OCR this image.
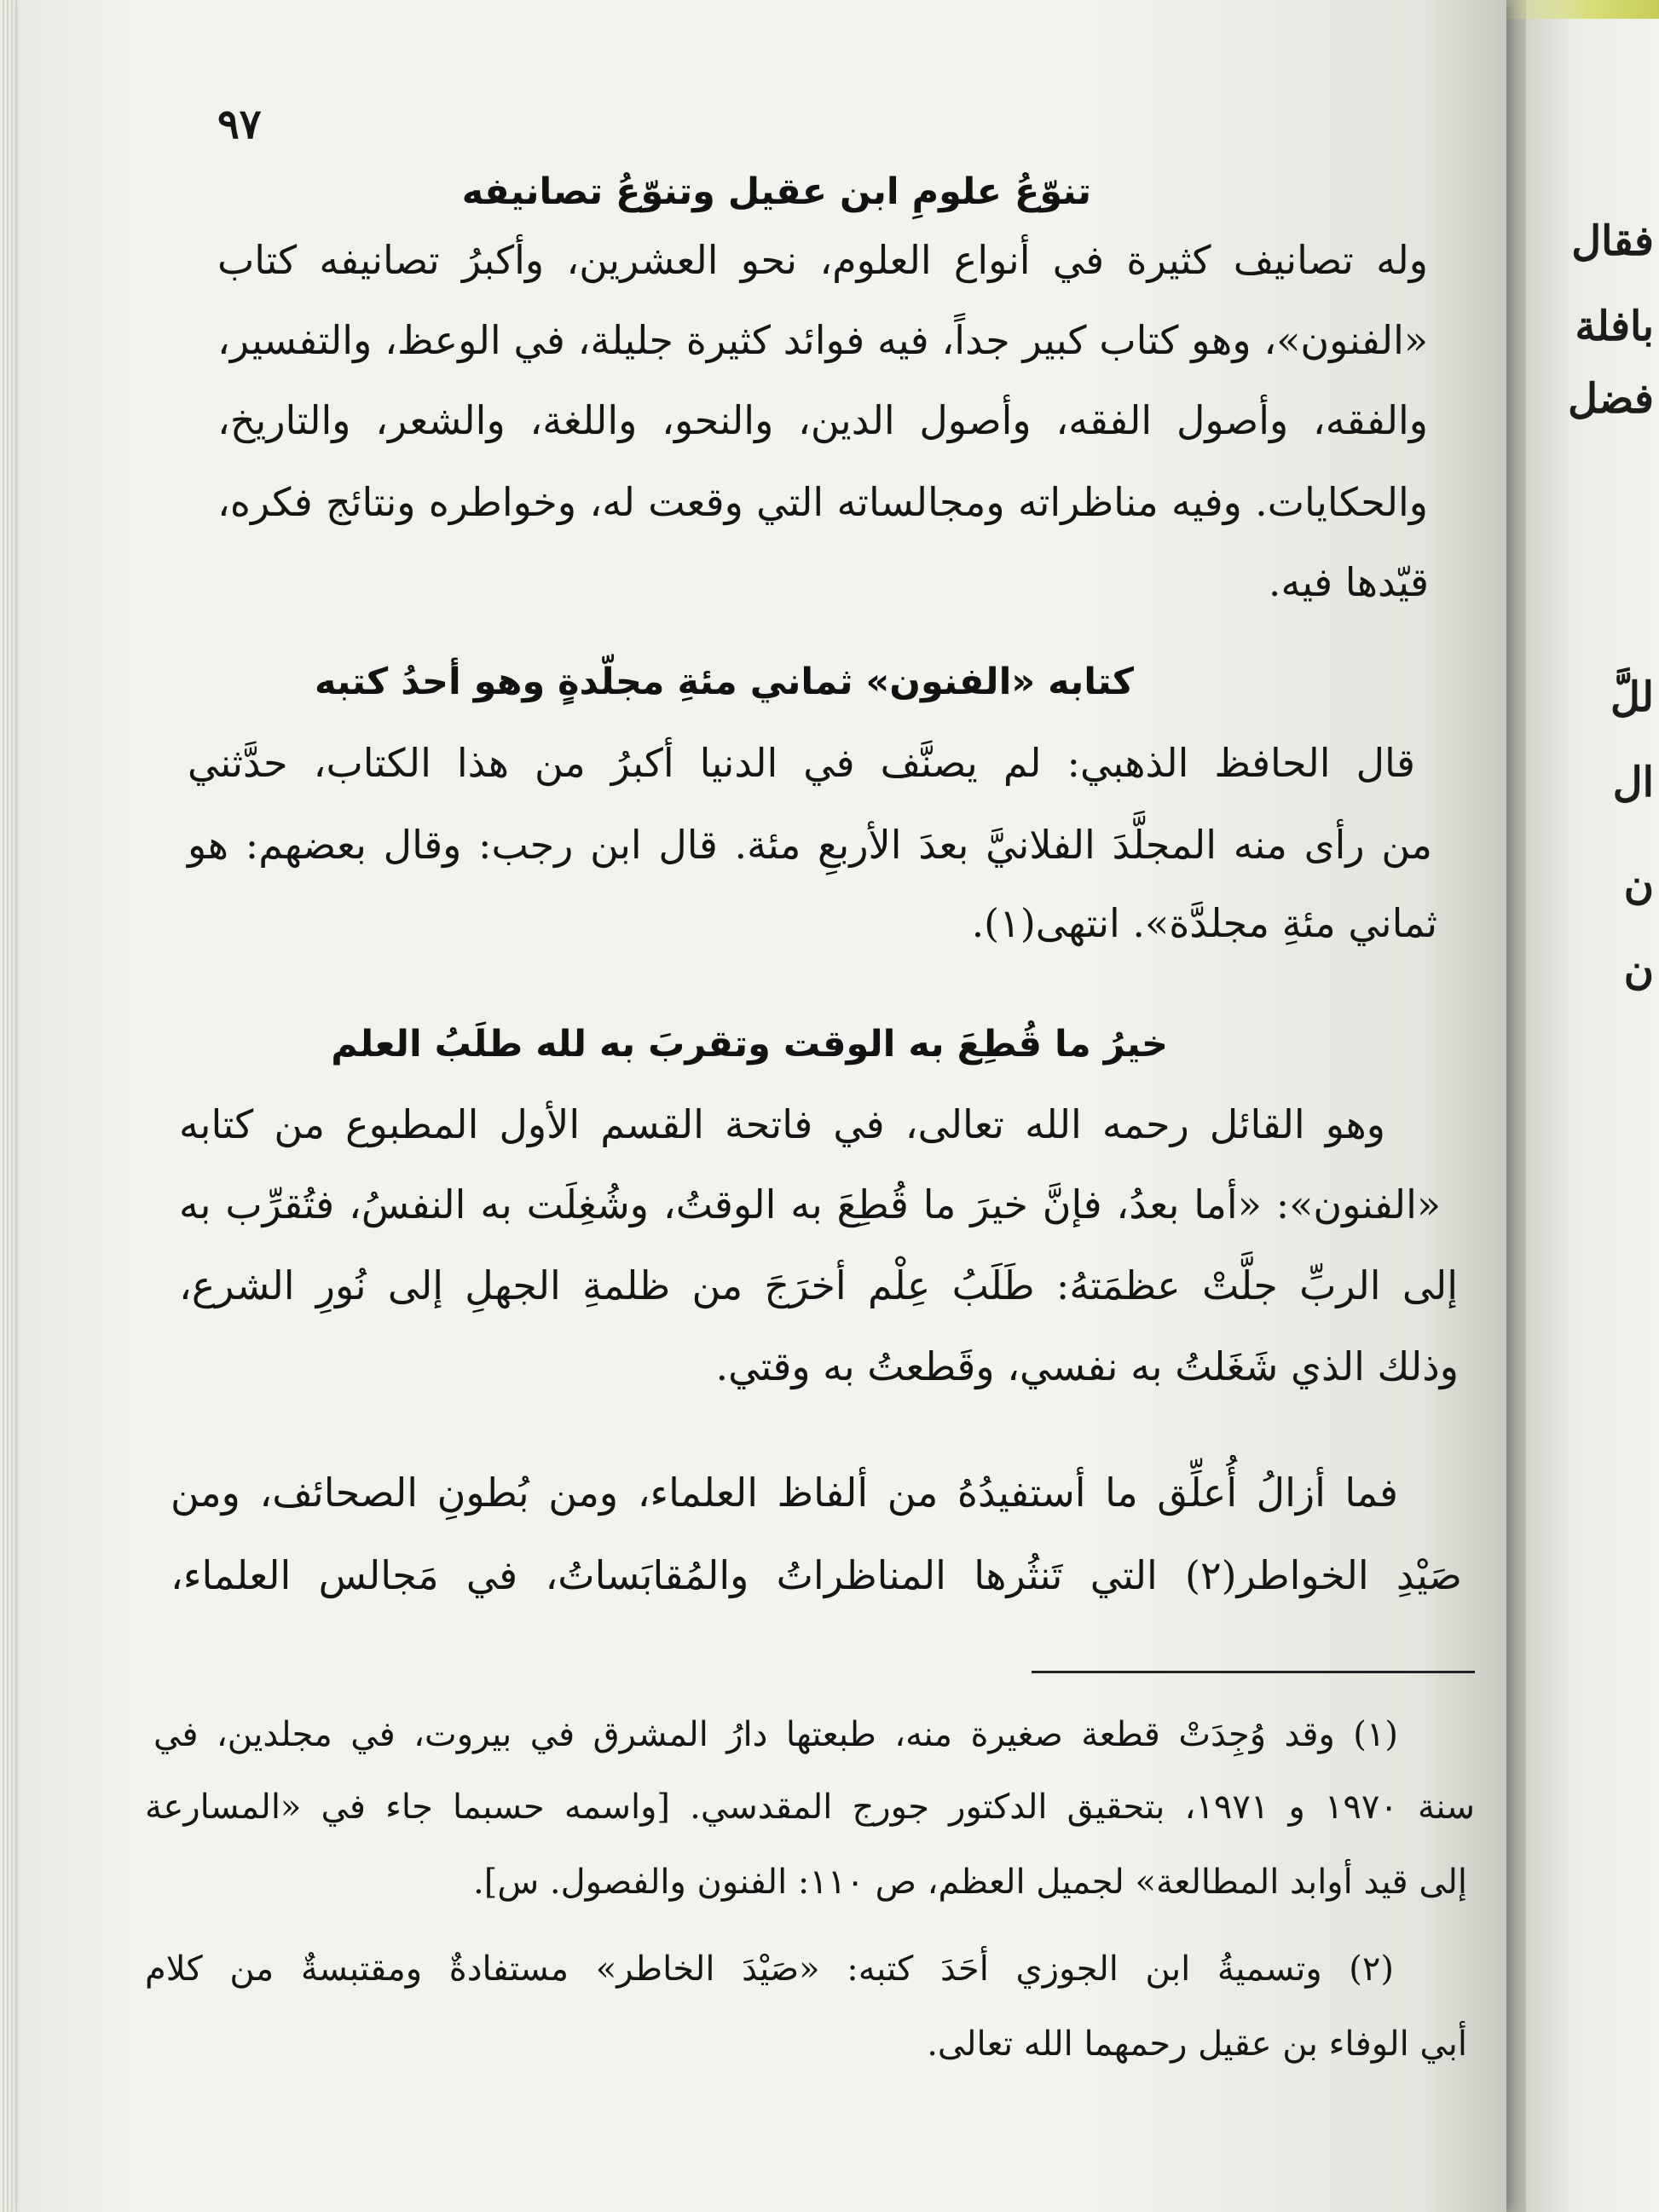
فقال
بافلة
فضل
للَّ
ال
ن
ن
٩٧
تنوّعُ علومِ ابن عقيل وتنوّعُ تصانيفه
وله تصانيف كثيرة في أنواع العلوم، نحو العشرين، وأكبرُ تصانيفه كتاب
«الفنون»، وهو كتاب كبير جداً، فيه فوائد كثيرة جليلة، في الوعظ، والتفسير،
والفقه، وأصول الفقه، وأصول الدين، والنحو، واللغة، والشعر، والتاريخ،
والحكايات. وفيه مناظراته ومجالساته التي وقعت له، وخواطره ونتائج فكره،
قيّدها فيه.
كتابه «الفنون» ثماني مئةِ مجلّدةٍ وهو أحدُ كتبه
قال الحافظ الذهبي: لم يصنَّف في الدنيا أكبرُ من هذا الكتاب، حدَّثني
من رأى منه المجلَّدَ الفلانيَّ بعدَ الأربعِ مئة. قال ابن رجب: وقال بعضهم: هو
ثماني مئةِ مجلدَّة». انتهى(١).
خيرُ ما قُطِعَ به الوقت وتقربَ به لله طلَبُ العلم
وهو القائل رحمه الله تعالى، في فاتحة القسم الأول المطبوع من كتابه
«الفنون»: «أما بعدُ، فإنَّ خيرَ ما قُطِعَ به الوقتُ، وشُغِلَت به النفسُ، فتُقرِّب به
إلى الربِّ جلَّتْ عظمَتهُ: طَلَبُ عِلْم أخرَجَ من ظلمةِ الجهلِ إلى نُورِ الشرع،
وذلك الذي شَغَلتُ به نفسي، وقَطعتُ به وقتي.
فما أزالُ أُعلِّق ما أستفيدُهُ من ألفاظ العلماء، ومن بُطونِ الصحائف، ومن
صَيْدِ الخواطر(٢) التي تَنثُرها المناظراتُ والمُقابَساتُ، في مَجالس العلماء،
(١) وقد وُجِدَتْ قطعة صغيرة منه، طبعتها دارُ المشرق في بيروت، في مجلدين، في
سنة ١٩٧٠ و ١٩٧١، بتحقيق الدكتور جورج المقدسي. [واسمه حسبما جاء في «المسارعة
إلى قيد أوابد المطالعة» لجميل العظم، ص ١١٠: الفنون والفصول. س].
(٢) وتسميةُ ابن الجوزي أحَدَ كتبه: «صَيْدَ الخاطر» مستفادةٌ ومقتبسةٌ من كلام
أبي الوفاء بن عقيل رحمهما الله تعالى.
